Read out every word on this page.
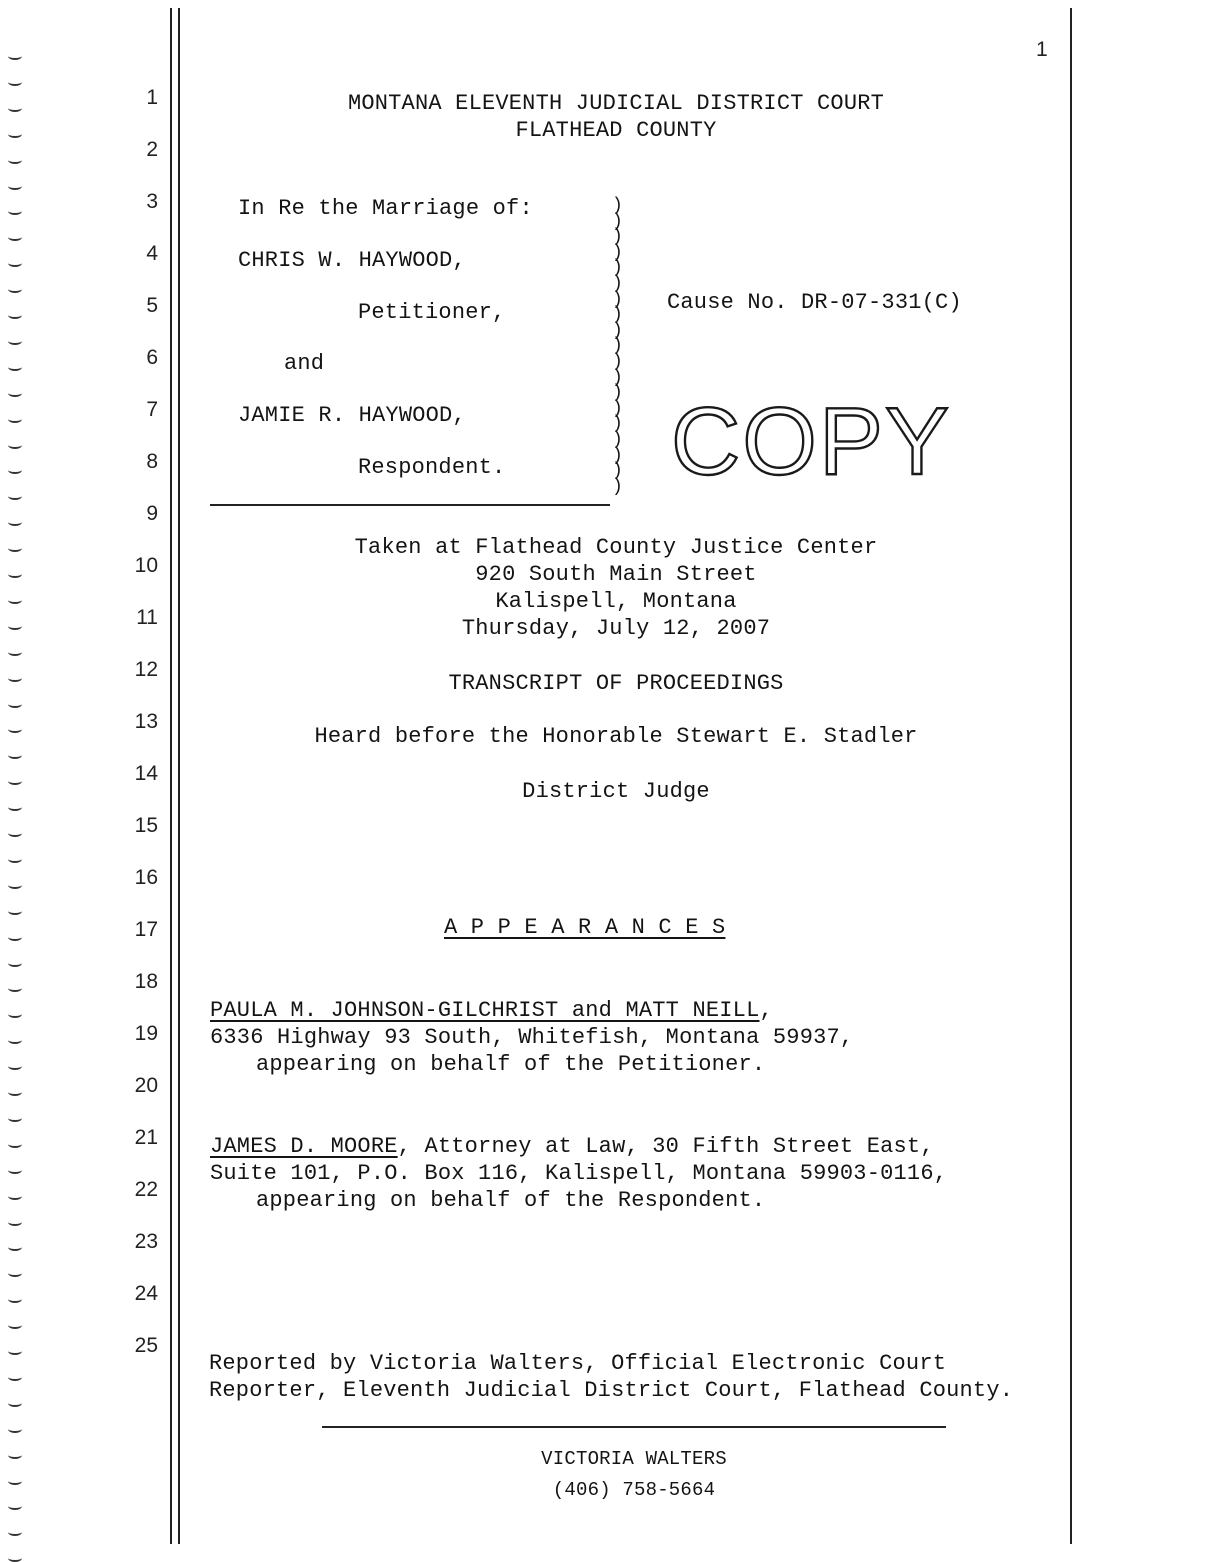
1
1
2
3
4
5
6
7
8
9
10
11
12
13
14
15
16
17
18
19
20
21
22
23
24
25
MONTANA ELEVENTH JUDICIAL DISTRICT COURT
FLATHEAD COUNTY
In Re the Marriage of:
CHRIS W. HAYWOOD,
Petitioner,
and
JAMIE R. HAYWOOD,
Respondent.
)
)
)
)
)
)
)
)
)
)
)
)
)
)
)
)
)
)
)
Cause No. DR-07-331(C)
COPY
Taken at Flathead County Justice Center
920 South Main Street
Kalispell, Montana
Thursday, July 12, 2007
TRANSCRIPT OF PROCEEDINGS
Heard before the Honorable Stewart E. Stadler
District Judge
A P P E A R A N C E S
PAULA M. JOHNSON-GILCHRIST and MATT NEILL,
6336 Highway 93 South, Whitefish, Montana 59937,
appearing on behalf of the Petitioner.
JAMES D. MOORE, Attorney at Law, 30 Fifth Street East,
Suite 101, P.O. Box 116, Kalispell, Montana 59903-0116,
appearing on behalf of the Respondent.
Reported by Victoria Walters, Official Electronic Court
Reporter, Eleventh Judicial District Court, Flathead County.
VICTORIA WALTERS
(406) 758-5664
